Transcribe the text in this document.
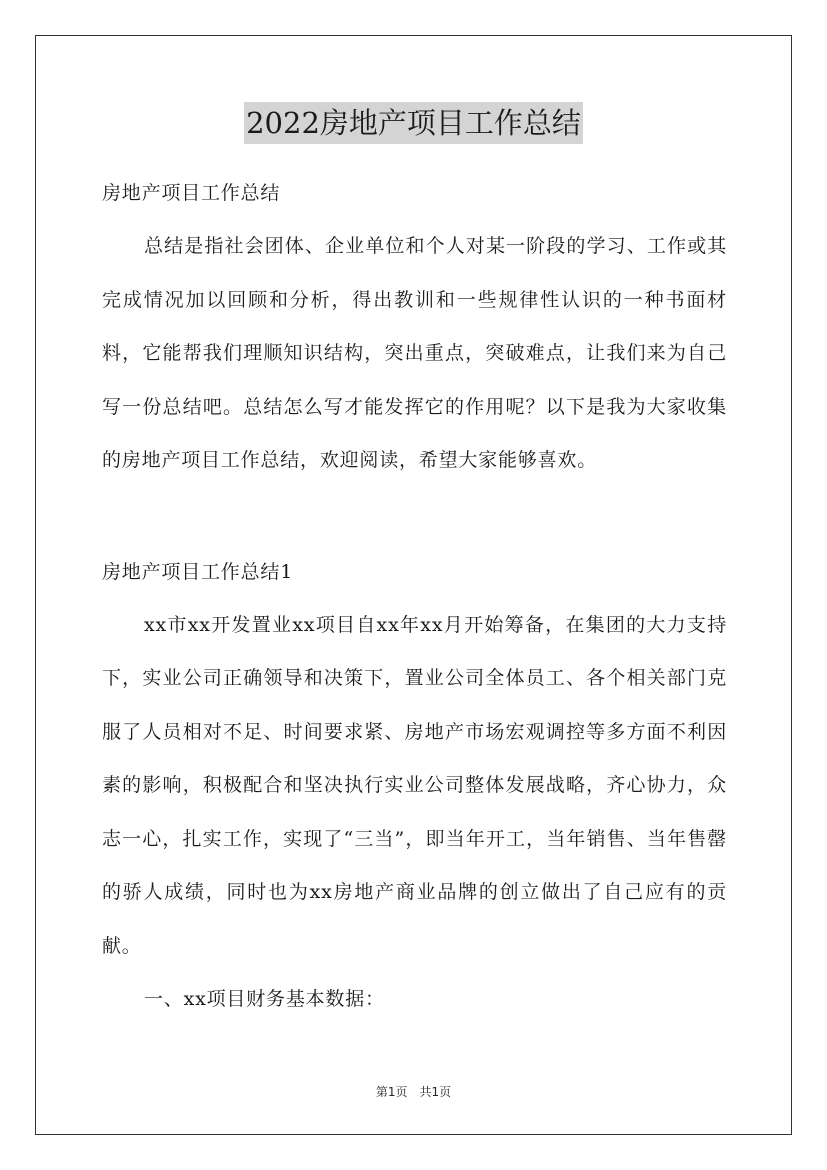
2022房地产项目工作总结

房地产项目工作总结

总结是指社会团体、企业单位和个人对某一阶段的学习、工作或其完成情况加以回顾和分析，得出教训和一些规律性认识的一种书面材料，它能帮我们理顺知识结构，突出重点，突破难点，让我们来为自己写一份总结吧。总结怎么写才能发挥它的作用呢？以下是我为大家收集的房地产项目工作总结，欢迎阅读，希望大家能够喜欢。

房地产项目工作总结1

xx市xx开发置业xx项目自xx年xx月开始筹备，在集团的大力支持下，实业公司正确领导和决策下，置业公司全体员工、各个相关部门克服了人员相对不足、时间要求紧、房地产市场宏观调控等多方面不利因素的影响，积极配合和坚决执行实业公司整体发展战略，齐心协力，众志一心，扎实工作，实现了“三当”，即当年开工，当年销售、当年售罄的骄人成绩，同时也为xx房地产商业品牌的创立做出了自己应有的贡献。

一、xx项目财务基本数据：

第1页　共1页
